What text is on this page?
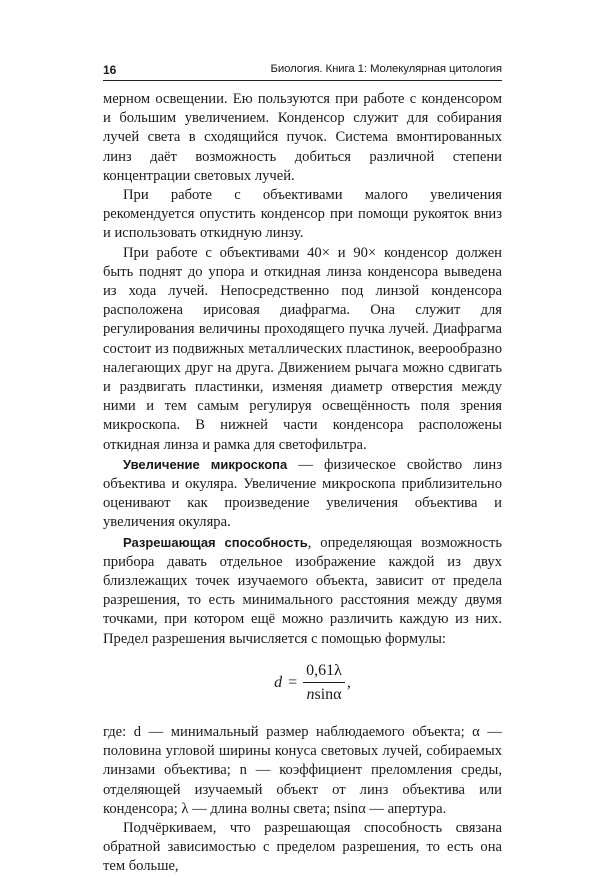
16	Биология. Книга 1: Молекулярная цитология

мерном освещении. Ею пользуются при работе с конденсором и большим увеличением. Конденсор служит для собирания лучей света в сходящийся пучок. Система вмонтированных линз даёт возможность добиться различной степени концентрации световых лучей.

При работе с объективами малого увеличения рекомендуется опустить конденсор при помощи рукояток вниз и использовать откидную линзу.

При работе с объективами 40× и 90× конденсор должен быть поднят до упора и откидная линза конденсора выведена из хода лучей. Непосредственно под линзой конденсора расположена ирисовая диафрагма. Она служит для регулирования величины проходящего пучка лучей. Диафрагма состоит из подвижных металлических пластинок, веерообразно налегающих друг на друга. Движением рычага можно сдвигать и раздвигать пластинки, изменяя диаметр отверстия между ними и тем самым регулируя освещённость поля зрения микроскопа. В нижней части конденсора расположены откидная линза и рамка для светофильтра.

Увеличение микроскопа — физическое свойство линз объектива и окуляра. Увеличение микроскопа приблизительно оценивают как произведение увеличения объектива и увеличения окуляра.

Разрешающая способность, определяющая возможность прибора давать отдельное изображение каждой из двух близлежащих точек изучаемого объекта, зависит от предела разрешения, то есть минимального расстояния между двумя точками, при котором ещё можно различить каждую из них. Предел разрешения вычисляется с помощью формулы:

$d = \frac{0,61\lambda}{nsin\alpha}$ ,

где: d — минимальный размер наблюдаемого объекта; α — половина угловой ширины конуса световых лучей, собираемых линзами объектива; n — коэффициент преломления среды, отделяющей изучаемый объект от линз объектива или конденсора; λ — длина волны света; nsinα — апертура.

Подчёркиваем, что разрешающая способность связана обратной зависимостью с пределом разрешения, то есть она тем больше,
